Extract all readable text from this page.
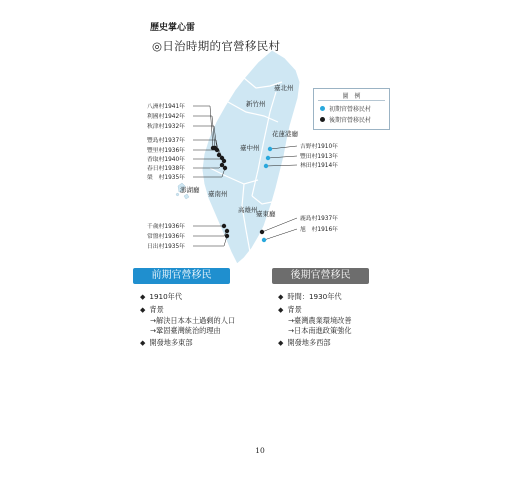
歷史掌心雷
◎日治時期的官營移民村
臺北州
新竹州
臺中州
臺南州
花蓮港廳
臺東廳
澎湖廳
高雄州
八洲村1941年
利國村1942年
秋津村1932年
豐島村1937年
豐里村1936年
香取村1940年
春日村1938年
榮　村1935年
千歲村1936年
常盤村1936年
日出村1935年
吉野村1910年
豐田村1913年
林田村1914年
鹿島村1937年
旭　村1916年
圖　例
初期官營移民村
後期官營移民村
前期官營移民
◆ 1910年代
◆ 背景
→解決日本本土過剩的人口
→鞏固臺灣統治的理由
◆ 開發地多東部
後期官營移民
◆ 時間：1930年代
◆ 背景
→臺灣農業環境改善
→日本南進政策強化
◆ 開發地多西部
10
